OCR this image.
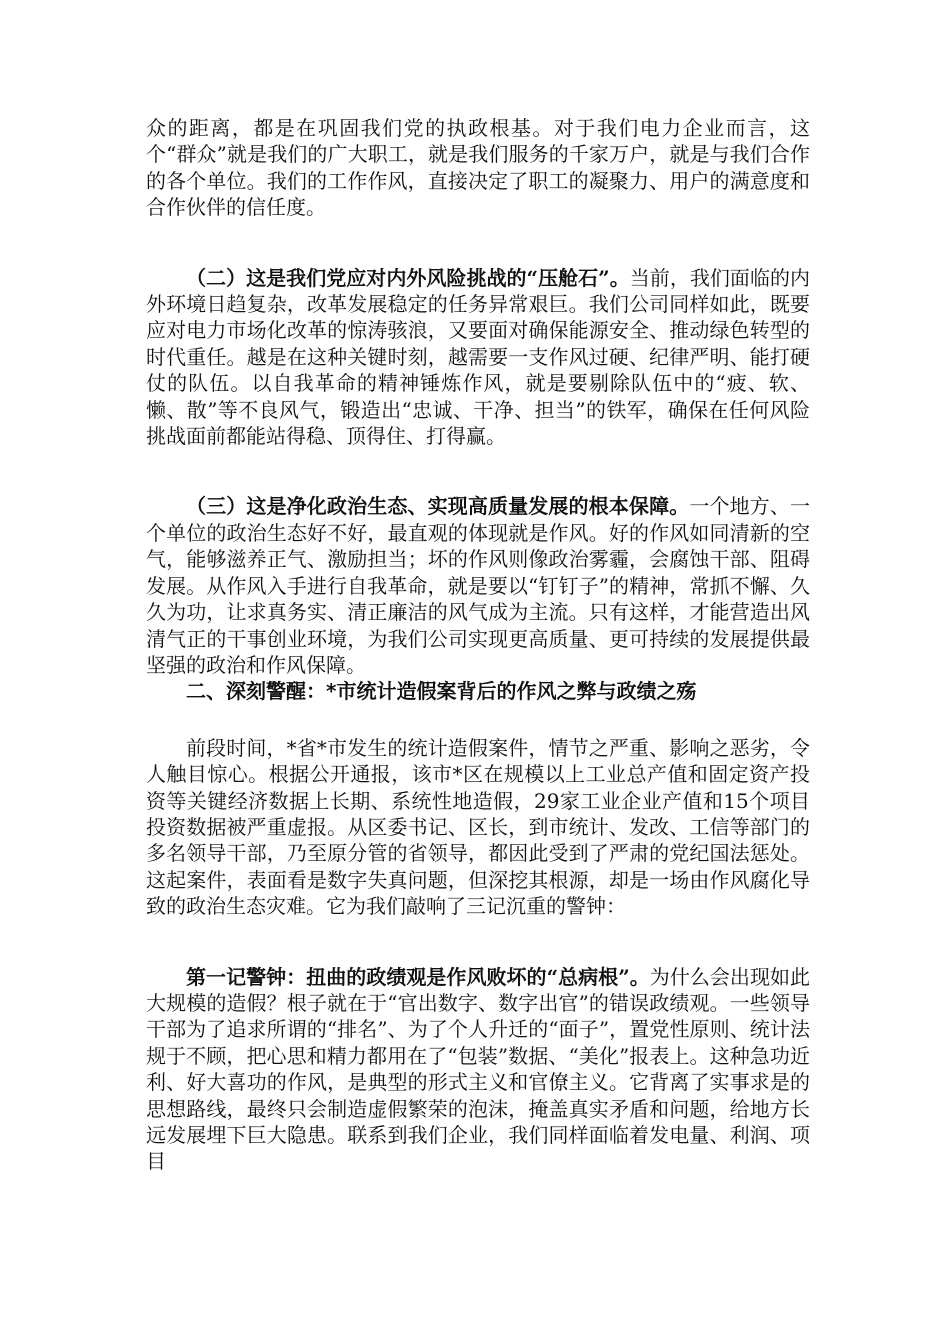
众的距离，都是在巩固我们党的执政根基。对于我们电力企业而言，这个“群众”就是我们的广大职工，就是我们服务的千家万户，就是与我们合作的各个单位。我们的工作作风，直接决定了职工的凝聚力、用户的满意度和合作伙伴的信任度。

（二）这是我们党应对内外风险挑战的“压舱石”。当前，我们面临的内外环境日趋复杂，改革发展稳定的任务异常艰巨。我们公司同样如此，既要应对电力市场化改革的惊涛骇浪，又要面对确保能源安全、推动绿色转型的时代重任。越是在这种关键时刻，越需要一支作风过硬、纪律严明、能打硬仗的队伍。以自我革命的精神锤炼作风，就是要剔除队伍中的“疲、软、懒、散”等不良风气，锻造出“忠诚、干净、担当”的铁军，确保在任何风险挑战面前都能站得稳、顶得住、打得赢。

（三）这是净化政治生态、实现高质量发展的根本保障。一个地方、一个单位的政治生态好不好，最直观的体现就是作风。好的作风如同清新的空气，能够滋养正气、激励担当；坏的作风则像政治雾霾，会腐蚀干部、阻碍发展。从作风入手进行自我革命，就是要以“钉钉子”的精神，常抓不懈、久久为功，让求真务实、清正廉洁的风气成为主流。只有这样，才能营造出风清气正的干事创业环境，为我们公司实现更高质量、更可持续的发展提供最坚强的政治和作风保障。

二、深刻警醒：*市统计造假案背后的作风之弊与政绩之殇

前段时间，*省*市发生的统计造假案件，情节之严重、影响之恶劣，令人触目惊心。根据公开通报，该市*区在规模以上工业总产值和固定资产投资等关键经济数据上长期、系统性地造假，29家工业企业产值和15个项目投资数据被严重虚报。从区委书记、区长，到市统计、发改、工信等部门的多名领导干部，乃至原分管的省领导，都因此受到了严肃的党纪国法惩处。这起案件，表面看是数字失真问题，但深挖其根源，却是一场由作风腐化导致的政治生态灾难。它为我们敲响了三记沉重的警钟：

第一记警钟：扭曲的政绩观是作风败坏的“总病根”。为什么会出现如此大规模的造假？根子就在于“官出数字、数字出官”的错误政绩观。一些领导干部为了追求所谓的“排名”、为了个人升迁的“面子”，置党性原则、统计法规于不顾，把心思和精力都用在了“包装”数据、“美化”报表上。这种急功近利、好大喜功的作风，是典型的形式主义和官僚主义。它背离了实事求是的思想路线，最终只会制造虚假繁荣的泡沫，掩盖真实矛盾和问题，给地方长远发展埋下巨大隐患。联系到我们企业，我们同样面临着发电量、利润、项目
